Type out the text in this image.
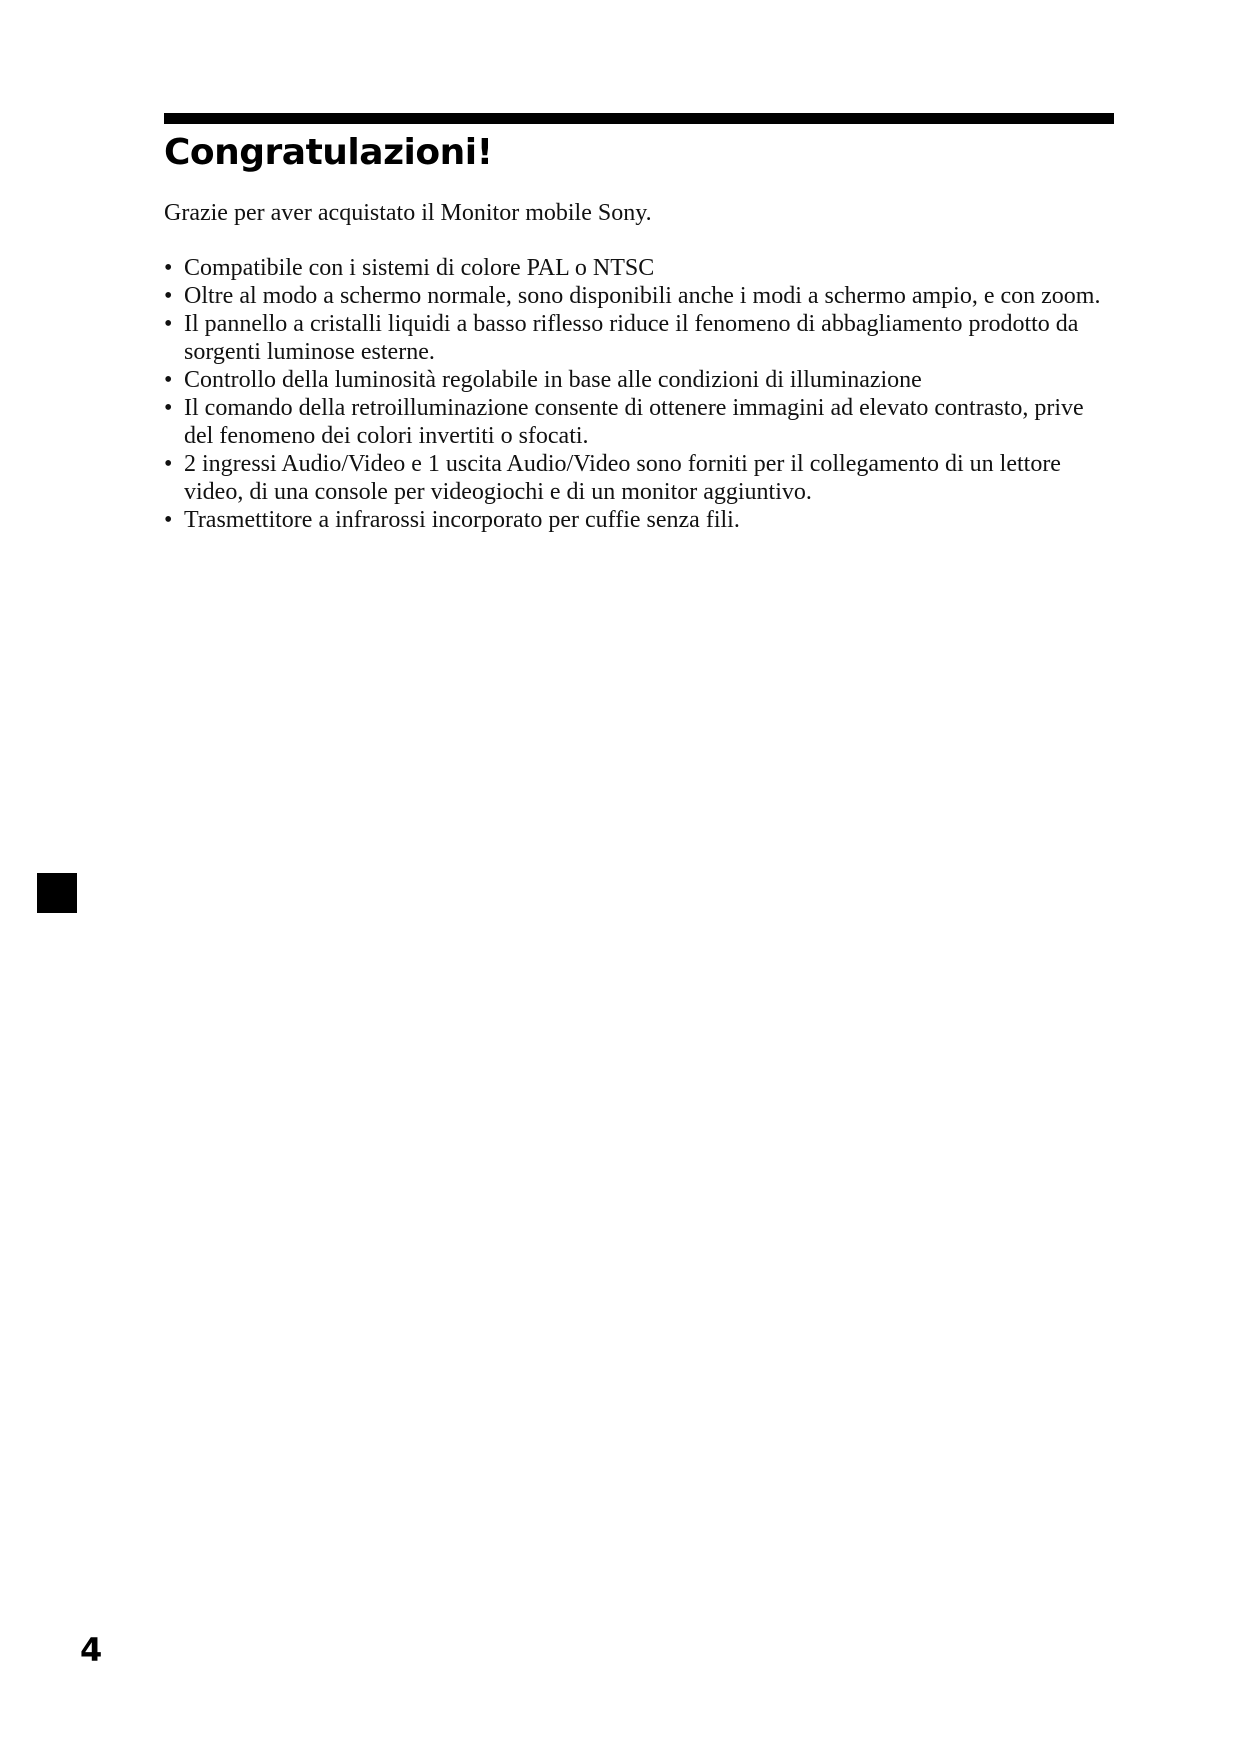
Congratulazioni!

Grazie per aver acquistato il Monitor mobile Sony.

• Compatibile con i sistemi di colore PAL o NTSC
• Oltre al modo a schermo normale, sono disponibili anche i modi a schermo ampio, e con zoom.
• Il pannello a cristalli liquidi a basso riflesso riduce il fenomeno di abbagliamento prodotto da sorgenti luminose esterne.
• Controllo della luminosità regolabile in base alle condizioni di illuminazione
• Il comando della retroilluminazione consente di ottenere immagini ad elevato contrasto, prive del fenomeno dei colori invertiti o sfocati.
• 2 ingressi Audio/Video e 1 uscita Audio/Video sono forniti per il collegamento di un lettore video, di una console per videogiochi e di un monitor aggiuntivo.
• Trasmettitore a infrarossi incorporato per cuffie senza fili.
4
